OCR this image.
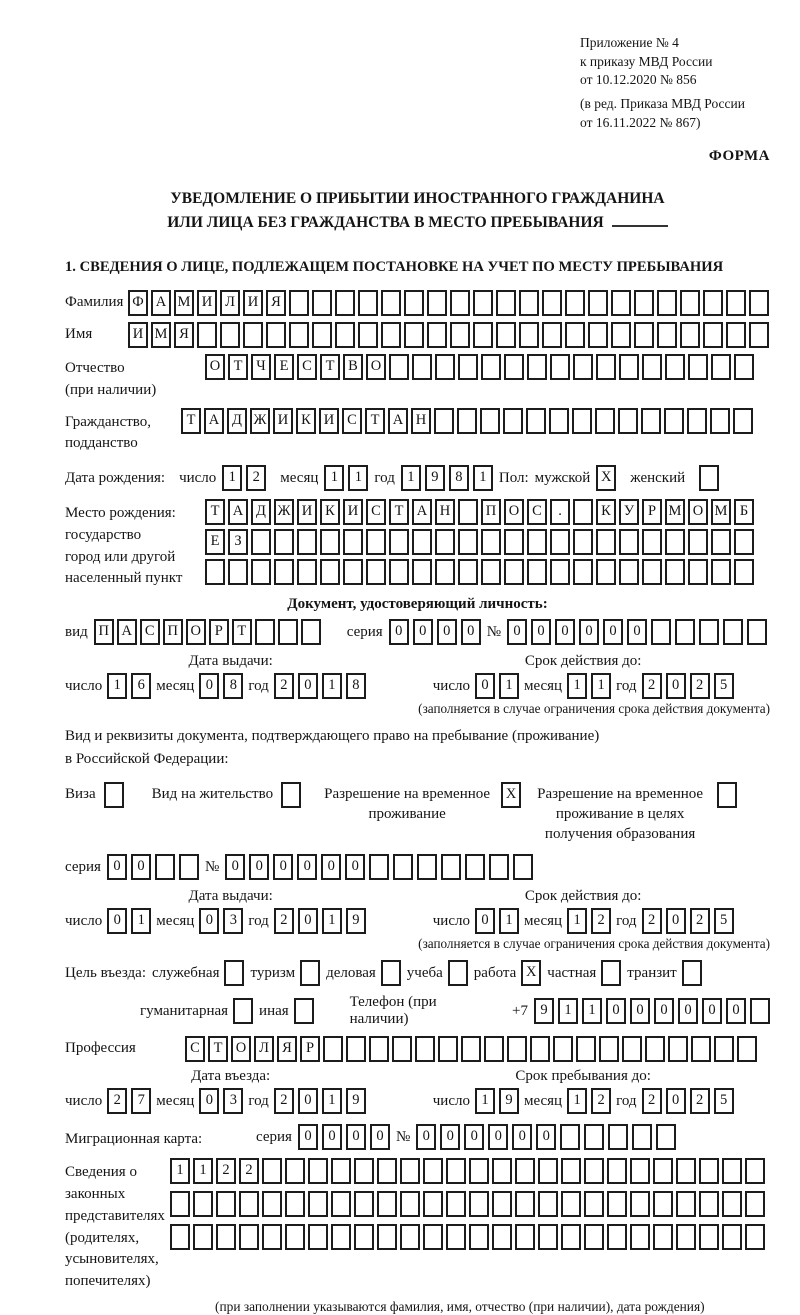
Приложение № 4
к приказу МВД России
от 10.12.2020 № 856
(в ред. Приказа МВД России
от 16.11.2022 № 867)
ФОРМА
УВЕДОМЛЕНИЕ О ПРИБЫТИИ ИНОСТРАННОГО ГРАЖДАНИНА
ИЛИ ЛИЦА БЕЗ ГРАЖДАНСТВА В МЕСТО ПРЕБЫВАНИЯ
1. СВЕДЕНИЯ О ЛИЦЕ, ПОДЛЕЖАЩЕМ ПОСТАНОВКЕ НА УЧЕТ ПО МЕСТУ ПРЕБЫВАНИЯ
Фамилия Ф А М И Л И Я
Имя	И М Я
Отчество
(при наличии)
О Т Ч Е С Т В О
Гражданство,
подданство
Т А Д Ж И К И С Т А Н
Дата рождения: число 1	2	месяц 1	1 год 1	9	8	1 Пол: мужской X	женский
Место рождения:
государство
город или другой
населенный пункт
Т А Д Ж И К И С Т А Н	П О С	.	К У Р М О М Б
Е	З
Документ, удостоверяющий личность:
вид П А С П О Р	Т	серия 0	0	0	0 № 0	0	0	0	0	0
Дата выдачи:
число 1	6 месяц 0	8 год 2	0	1	8
Срок действия до:
число 0	1 месяц 1	1 год 2	0	2	5
(заполняется в случае ограничения срока действия документа)
Вид и реквизиты документа, подтверждающего право на пребывание (проживание)
в Российской Федерации:
Виза	Вид на жительство	Разрешение на временное
проживание
X	Разрешение на временное
проживание в целях
получения образования
серия 0	0	№ 0	0	0	0	0	0
Дата выдачи:
число 0	1 месяц 0	3 год 2	0	1	9
Срок действия до:
число 0	1 месяц 1	2 год 2	0	2	5
(заполняется в случае ограничения срока действия документа)
Цель въезда: служебная туризм деловая учеба работа X частная транзит
гуманитарная иная
Телефон (при наличии)
+7 9	1	1	0	0	0	0	0	0
Профессия	С Т О Л Я Р
Дата въезда:
число 2	7 месяц 0	3 год 2	0	1	9
Срок пребывания до:
число 1	9 месяц 1	2 год 2	0	2	5
Миграционная карта:	серия 0	0	0	0 № 0	0	0	0	0	0
Сведения о
законных
представителях
(родителях,
усыновителях,
попечителях)
1	1	2	2
(при заполнении указываются фамилия, имя, отчество (при наличии), дата рождения)
